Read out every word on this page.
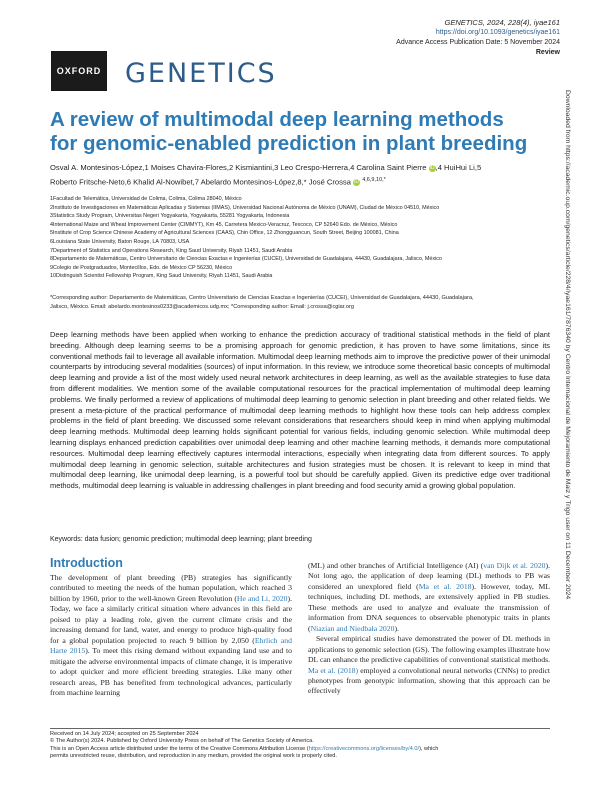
OXFORD GENETICS
GENETICS, 2024, 228(4), iyae161
https://doi.org/10.1093/genetics/iyae161
Advance Access Publication Date: 5 November 2024
Review
Downloaded from https://academic.oup.com/genetics/article/228/4/iyae161/7876340 by Centro Internacional de Mejoramiento de Maiz y Trigo user on 11 December 2024
A review of multimodal deep learning methods
for genomic-enabled prediction in plant breeding
Osval A. Montesinos-López,1 Moises Chavira-Flores,2 Kismiantini,3 Leo Crespo-Herrera,4 Carolina Saint Pierre iD,4 HuiHui Li,5
Roberto Fritsche-Neto,6 Khalid Al-Nowibet,7 Abelardo Montesinos-López,8,* José Crossa iD $^{4,6,9,10,*}$
1Facultad de Telemática, Universidad de Colima, Colima, Colima 28040, México
2Instituto de Investigaciones en Matemáticas Aplicadas y Sistemas (IIMAS), Universidad Nacional Autónoma de México (UNAM), Ciudad de México 04510, México
3Statistics Study Program, Universitas Negeri Yogyakarta, Yogyakarta, 55281 Yogyakarta, Indonesia
4International Maize and Wheat Improvement Center (CIMMYT), Km 45, Carretera Mexico-Veracruz, Texcoco, CP 52640 Edo. de México, México
5Institute of Crop Science Chinese Academy of Agricultural Sciences (CAAS), Chin Office, 12 Zhongguancun, South Street, Beijing 100081, China
6Louisiana State University, Baton Rouge, LA 70803, USA
7Department of Statistics and Operations Research, King Saud University, Riyah 11451, Saudi Arabia
8Departamento de Matemáticas, Centro Universitario de Ciencias Exactas e Ingenierías (CUCEI), Universidad de Guadalajara, 44430, Guadalajara, Jalisco, México
9Colegio de Postgraduados, Montecillos, Edo. de México CP 56230, México
10Distinguish Scientist Fellowship Program, King Saud University, Riyah 11451, Saudi Arabia
*Corresponding author: Departamento de Matemáticas, Centro Universitario de Ciencias Exactas e Ingenierías (CUCEI), Universidad de Guadalajara, 44430, Guadalajara,
Jalisco, México. Email: abelardo.montesinos0233@academicos.udg.mx; *Corresponding author: Email: j.crossa@cgiar.org
Deep learning methods have been applied when working to enhance the prediction accuracy of traditional statistical methods in the field of plant breeding. Although deep learning seems to be a promising approach for genomic prediction, it has proven to have some limitations, since its conventional methods fail to leverage all available information. Multimodal deep learning methods aim to improve the predictive power of their unimodal counterparts by introducing several modalities (sources) of input information. In this review, we introduce some theoretical basic concepts of multimodal deep learning and provide a list of the most widely used neural network architectures in deep learning, as well as the available strategies to fuse data from different modalities. We mention some of the available computational resources for the practical implementation of multimodal deep learning problems. We finally performed a review of applications of multimodal deep learning to genomic selection in plant breeding and other related fields. We present a meta-picture of the practical performance of multimodal deep learning methods to highlight how these tools can help address complex problems in the field of plant breeding. We discussed some relevant considerations that researchers should keep in mind when applying multimodal deep learning methods. Multimodal deep learning holds significant potential for various fields, including genomic selection. While multimodal deep learning displays enhanced prediction capabilities over unimodal deep learning and other machine learning methods, it demands more computational resources. Multimodal deep learning effectively captures intermodal interactions, especially when integrating data from different sources. To apply multimodal deep learning in genomic selection, suitable architectures and fusion strategies must be chosen. It is relevant to keep in mind that multimodal deep learning, like unimodal deep learning, is a powerful tool but should be carefully applied. Given its predictive edge over traditional methods, multimodal deep learning is valuable in addressing challenges in plant breeding and food security amid a growing global population.
Keywords: data fusion; genomic prediction; multimodal deep learning; plant breeding
Introduction

The development of plant breeding (PB) strategies has significantly contributed to meeting the needs of the human population, which reached 3 billion by 1960, prior to the well-known Green Revolution (He and Li, 2020). Today, we face a similarly critical situation where advances in this field are poised to play a leading role, given the current climate crisis and the increasing demand for land, water, and energy to produce high-quality food for a global population projected to reach 9 billion by 2,050 (Ehrlich and Harte 2015). To meet this rising demand without expanding land use and to mitigate the adverse environmental impacts of climate change, it is imperative to adopt quicker and more efficient breeding strategies. Like many other research areas, PB has benefited from technological advances, particularly from machine learning

(ML) and other branches of Artificial Intelligence (AI) (van Dijk et al. 2020). Not long ago, the application of deep learning (DL) methods to PB was considered an unexplored field (Ma et al. 2018). However, today, ML techniques, including DL methods, are extensively applied in PB studies. These methods are used to analyze and evaluate the transmission of information from DNA sequences to observable phenotypic traits in plants (Niazian and Niedbała 2020).

Several empirical studies have demonstrated the power of DL methods in applications to genomic selection (GS). The following examples illustrate how DL can enhance the predictive capabilities of conventional statistical methods. Ma et al. (2018) employed a convolutional neural networks (CNNs) to predict phenotypes from genotypic information, showing that this approach can be effectively

Received on 14 July 2024; accepted on 25 September 2024
© The Author(s) 2024. Published by Oxford University Press on behalf of The Genetics Society of America.
This is an Open Access article distributed under the terms of the Creative Commons Attribution License (https://creativecommons.org/licenses/by/4.0/), which
permits unrestricted reuse, distribution, and reproduction in any medium, provided the original work is properly cited.
